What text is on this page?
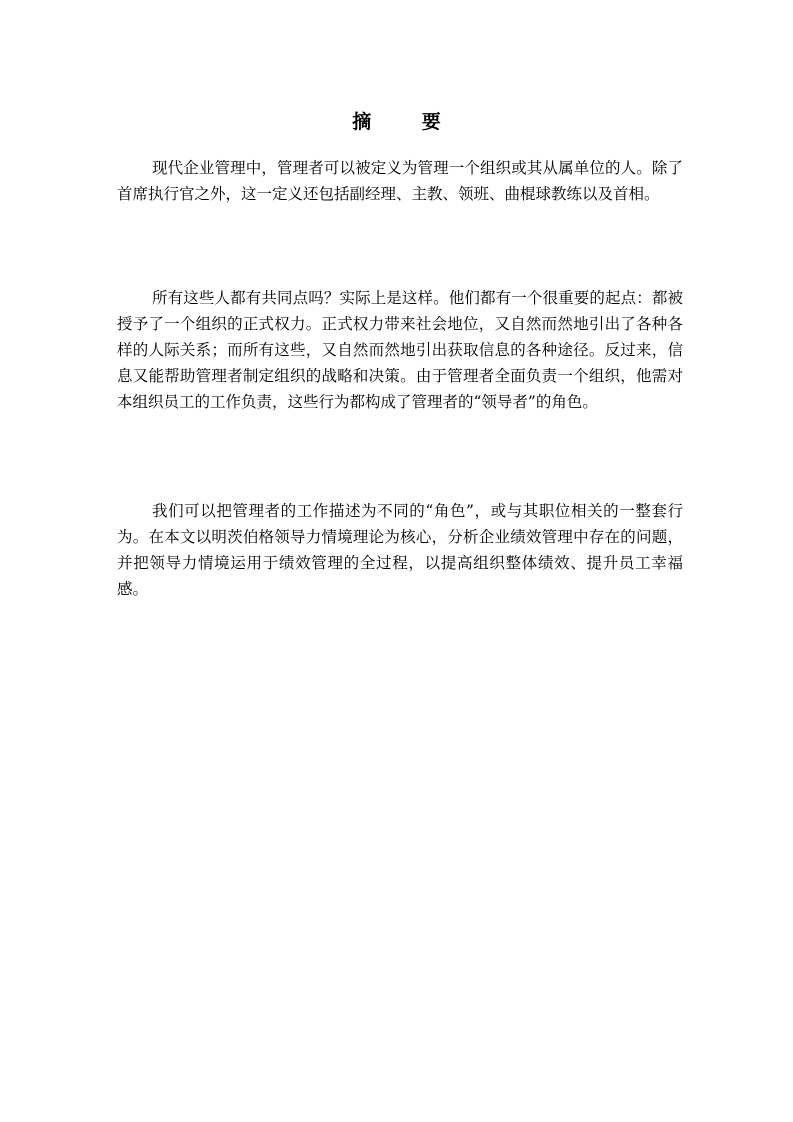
摘 要

现代企业管理中，管理者可以被定义为管理一个组织或其从属单位的人。除了首席执行官之外，这一定义还包括副经理、主教、领班、曲棍球教练以及首相。

所有这些人都有共同点吗？实际上是这样。他们都有一个很重要的起点：都被授予了一个组织的正式权力。正式权力带来社会地位，又自然而然地引出了各种各样的人际关系；而所有这些，又自然而然地引出获取信息的各种途径。反过来，信息又能帮助管理者制定组织的战略和决策。由于管理者全面负责一个组织，他需对本组织员工的工作负责，这些行为都构成了管理者的“领导者”的角色。

我们可以把管理者的工作描述为不同的“角色”，或与其职位相关的一整套行为。在本文以明茨伯格领导力情境理论为核心，分析企业绩效管理中存在的问题，并把领导力情境运用于绩效管理的全过程，以提高组织整体绩效、提升员工幸福感。
